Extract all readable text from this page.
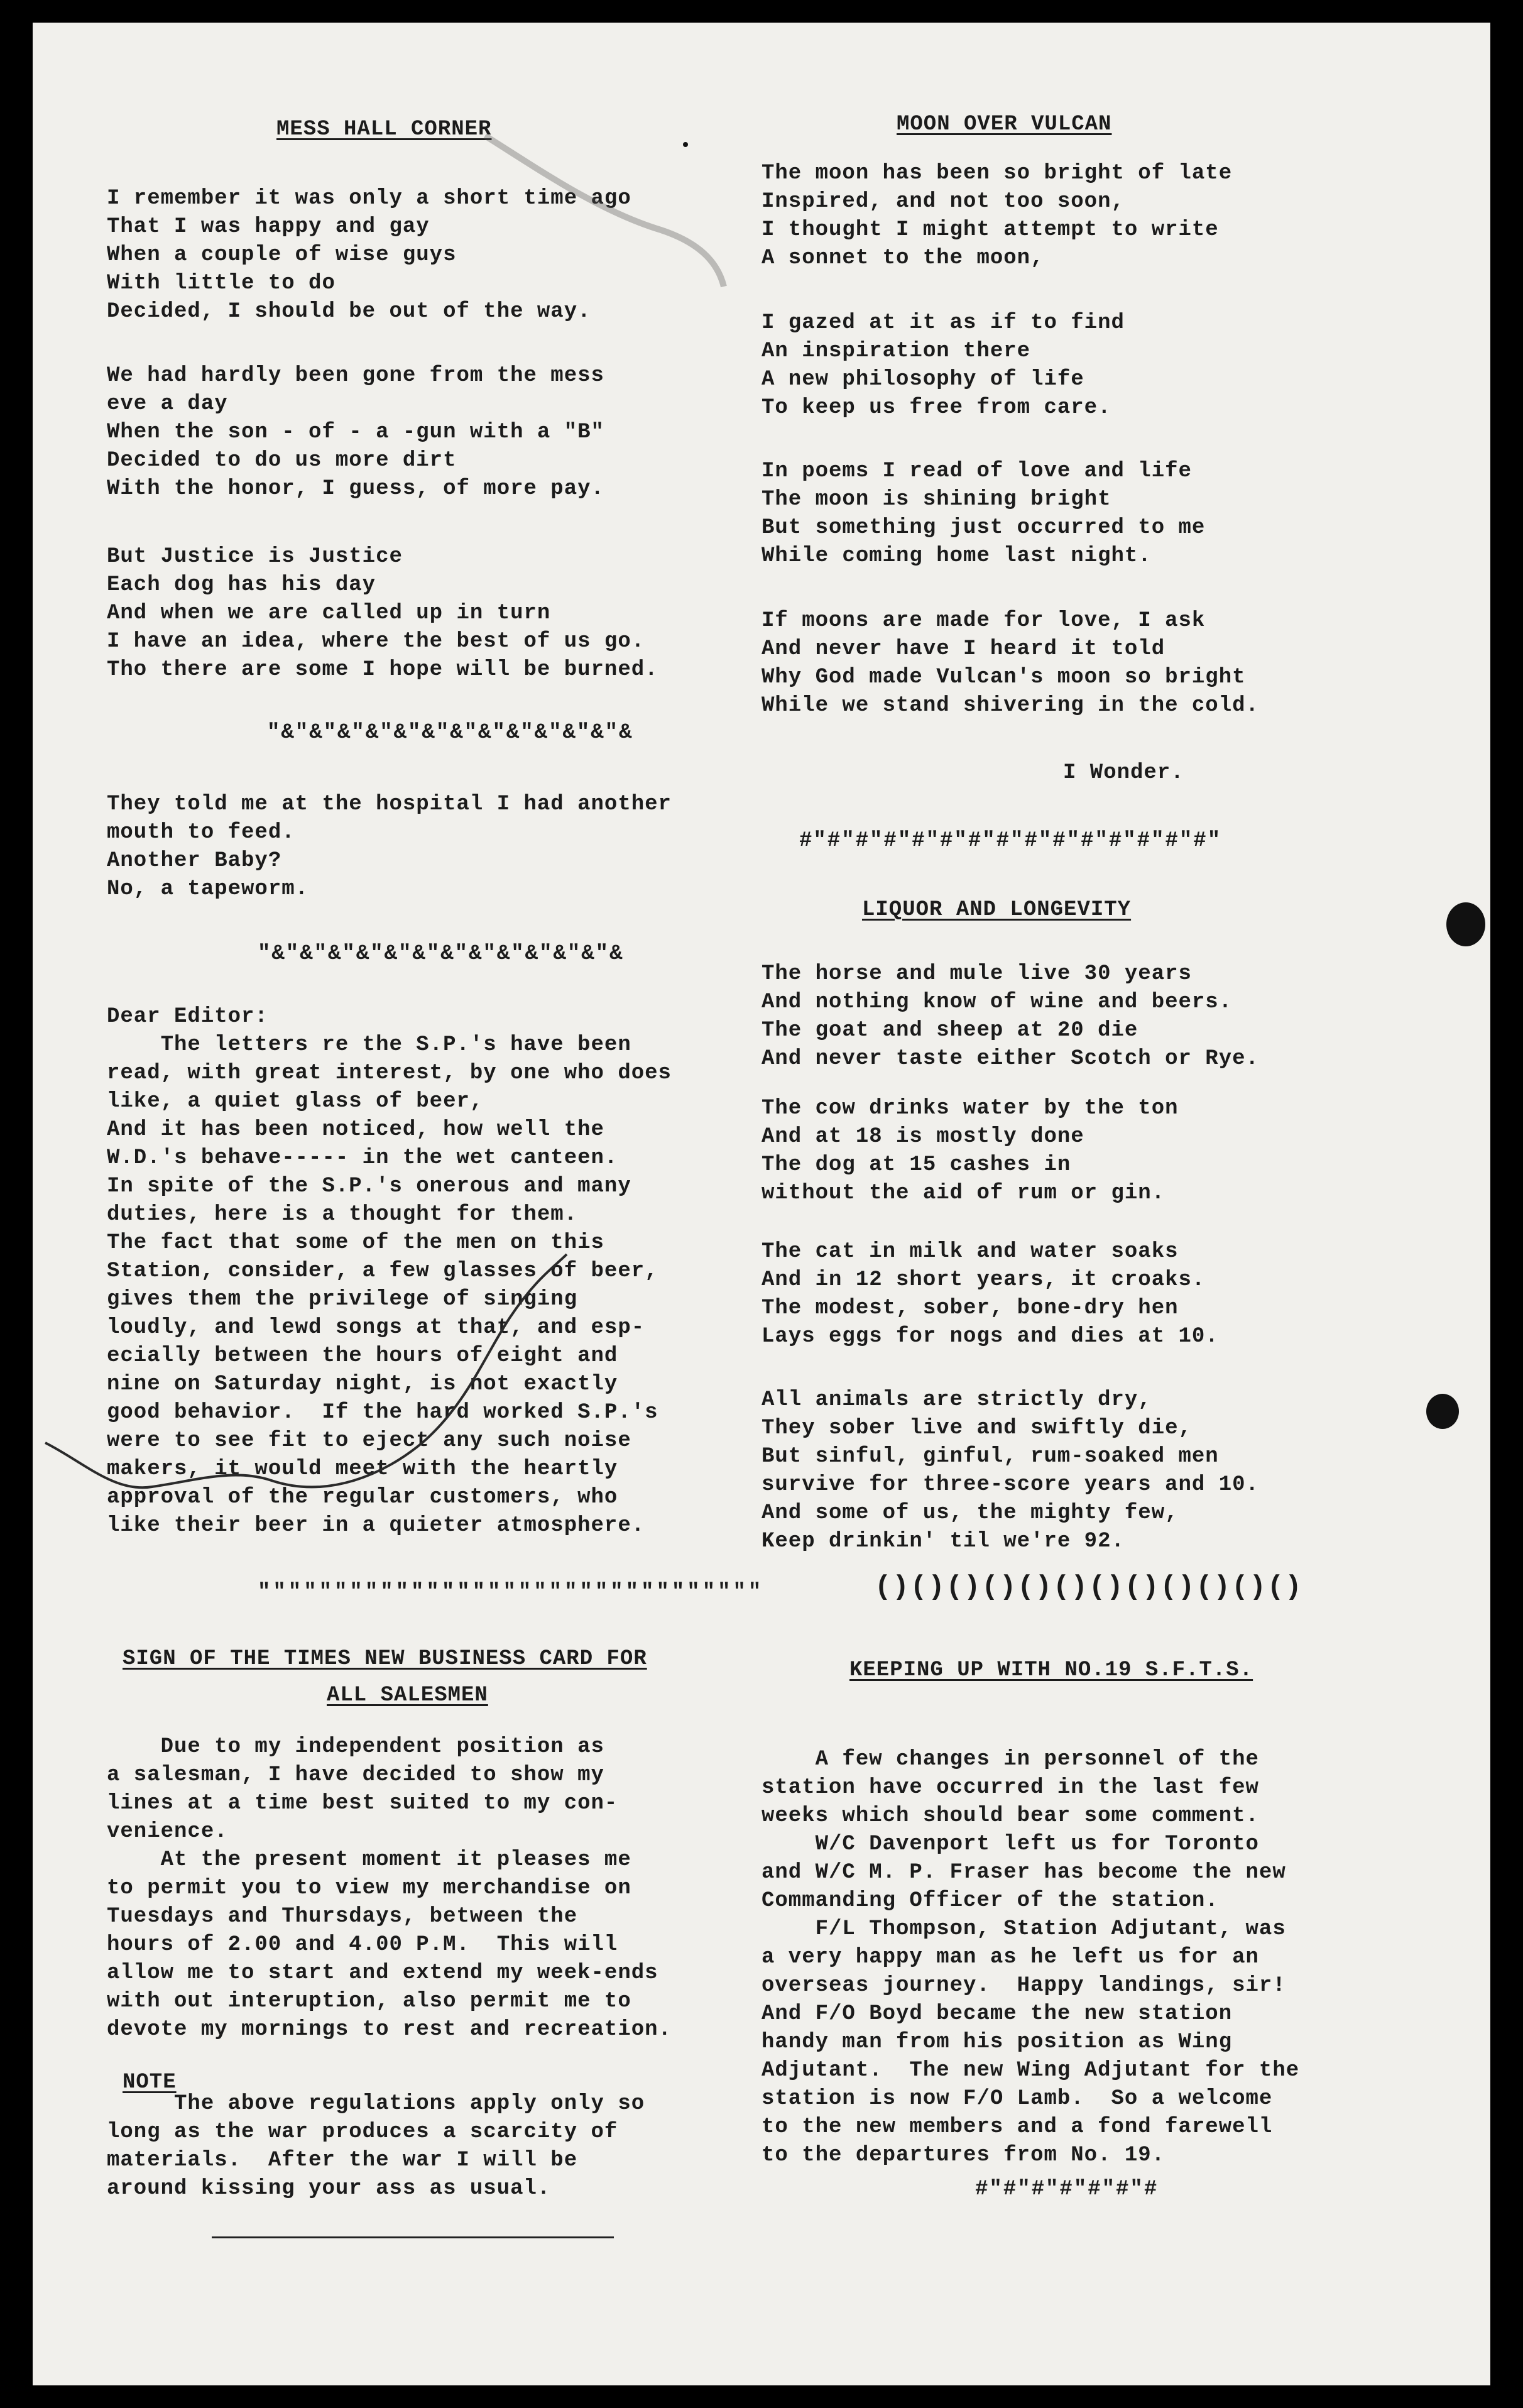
MESS HALL CORNER
I remember it was only a short time ago
That I was happy and gay
When a couple of wise guys
With little to do
Decided, I should be out of the way.
We had hardly been gone from the mess
eve a day
When the son - of - a -gun with a "B"
Decided to do us more dirt
With the honor, I guess, of more pay.
But Justice is Justice
Each dog has his day
And when we are called up in turn
I have an idea, where the best of us go.
Tho there are some I hope will be burned.
"&"&"&"&"&"&"&"&"&"&"&"&"&
They told me at the hospital I had another
mouth to feed.
Another Baby?
No, a tapeworm.
"&"&"&"&"&"&"&"&"&"&"&"&"&
Dear Editor:
The letters re the S.P.'s have been
read, with great interest, by one who does
like, a quiet glass of beer,
And it has been noticed, how well the
W.D.'s behave----- in the wet canteen.
In spite of the S.P.'s onerous and many
duties, here is a thought for them.
The fact that some of the men on this
Station, consider, a few glasses of beer,
gives them the privilege of singing
loudly, and lewd songs at that, and esp-
ecially between the hours of eight and
nine on Saturday night, is not exactly
good behavior.  If the hard worked S.P.'s
were to see fit to eject any such noise
makers, it would meet with the heartly
approval of the regular customers, who
like their beer in a quieter atmosphere.
"""""""""""""""""""""""""""""""""
SIGN OF THE TIMES NEW BUSINESS CARD FOR
ALL SALESMEN
Due to my independent position as
a salesman, I have decided to show my
lines at a time best suited to my con-
venience.
At the present moment it pleases me
to permit you to view my merchandise on
Tuesdays and Thursdays, between the
hours of 2.00 and 4.00 P.M.  This will
allow me to start and extend my week-ends
with out interuption, also permit me to
devote my mornings to rest and recreation.
NOTE
The above regulations apply only so
long as the war produces a scarcity of
materials.  After the war I will be
around kissing your ass as usual.
MOON OVER VULCAN
The moon has been so bright of late
Inspired, and not too soon,
I thought I might attempt to write
A sonnet to the moon,
I gazed at it as if to find
An inspiration there
A new philosophy of life
To keep us free from care.
In poems I read of love and life
The moon is shining bright
But something just occurred to me
While coming home last night.
If moons are made for love, I ask
And never have I heard it told
Why God made Vulcan's moon so bright
While we stand shivering in the cold.
I Wonder.
#"#"#"#"#"#"#"#"#"#"#"#"#"#"#"
LIQUOR AND LONGEVITY
The horse and mule live 30 years
And nothing know of wine and beers.
The goat and sheep at 20 die
And never taste either Scotch or Rye.
The cow drinks water by the ton
And at 18 is mostly done
The dog at 15 cashes in
without the aid of rum or gin.
The cat in milk and water soaks
And in 12 short years, it croaks.
The modest, sober, bone-dry hen
Lays eggs for nogs and dies at 10.
All animals are strictly dry,
They sober live and swiftly die,
But sinful, ginful, rum-soaked men
survive for three-score years and 10.
And some of us, the mighty few,
Keep drinkin' til we're 92.
()()()()()()()()()()()()
KEEPING UP WITH NO.19 S.F.T.S.
A few changes in personnel of the
station have occurred in the last few
weeks which should bear some comment.
W/C Davenport left us for Toronto
and W/C M. P. Fraser has become the new
Commanding Officer of the station.
F/L Thompson, Station Adjutant, was
a very happy man as he left us for an
overseas journey.  Happy landings, sir!
And F/O Boyd became the new station
handy man from his position as Wing
Adjutant.  The new Wing Adjutant for the
station is now F/O Lamb.  So a welcome
to the new members and a fond farewell
to the departures from No. 19.
#"#"#"#"#"#"#
